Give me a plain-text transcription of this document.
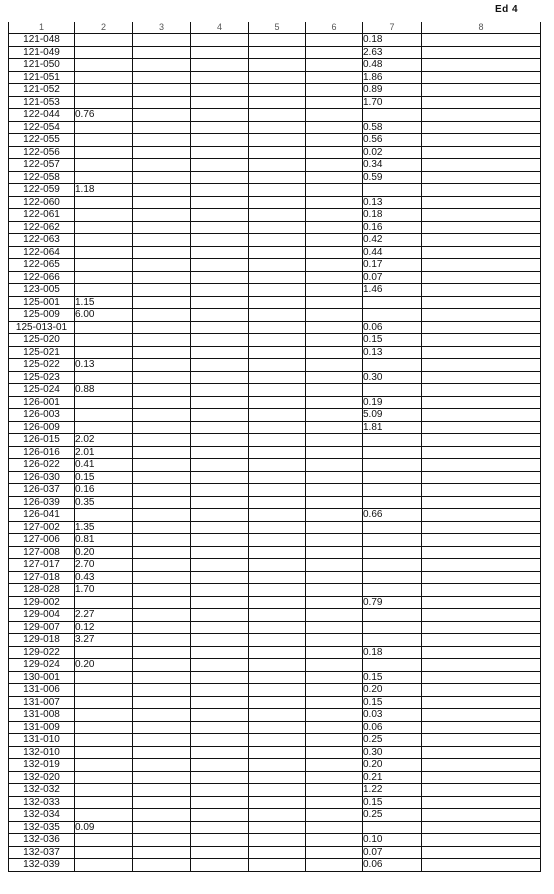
Ed 4
1	2	3	4	5	6	7	8
121-048						0.18	
121-049						2.63	
121-050						0.48	
121-051						1.86	
121-052						0.89	
121-053						1.70	
122-044	0.76						
122-054						0.58	
122-055						0.56	
122-056						0.02	
122-057						0.34	
122-058						0.59	
122-059	1.18						
122-060						0.13	
122-061						0.18	
122-062						0.16	
122-063						0.42	
122-064						0.44	
122-065						0.17	
122-066						0.07	
123-005						1.46	
125-001	1.15						
125-009	6.00						
125-013-01						0.06	
125-020						0.15	
125-021						0.13	
125-022	0.13						
125-023						0.30	
125-024	0.88						
126-001						0.19	
126-003						5.09	
126-009						1.81	
126-015	2.02						
126-016	2.01						
126-022	0.41						
126-030	0.15						
126-037	0.16						
126-039	0.35						
126-041						0.66	
127-002	1.35						
127-006	0.81						
127-008	0.20						
127-017	2.70						
127-018	0.43						
128-028	1.70						
129-002						0.79	
129-004	2.27						
129-007	0.12						
129-018	3.27						
129-022						0.18	
129-024	0.20						
130-001						0.15	
131-006						0.20	
131-007						0.15	
131-008						0.03	
131-009						0.06	
131-010						0.25	
132-010						0.30	
132-019						0.20	
132-020						0.21	
132-032						1.22	
132-033						0.15	
132-034						0.25	
132-035	0.09						
132-036						0.10	
132-037						0.07	
132-039						0.06	
